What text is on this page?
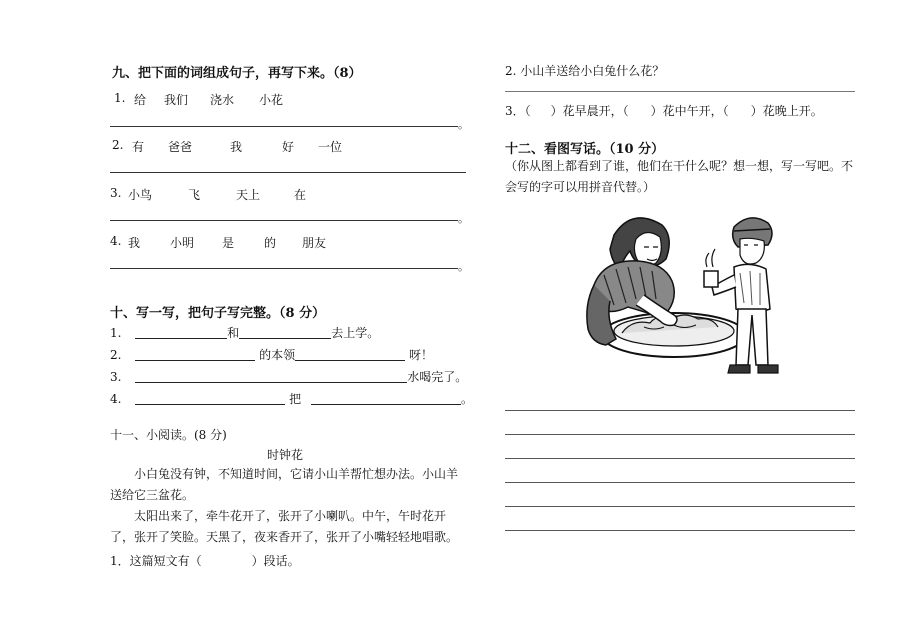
九、把下面的词组成句子，再写下来。（8）
1. 给 我们 浇水 小花
。
2. 有 爸爸	我	好 一位
3. 小鸟	飞	天上	在
。
4. 我 小明 是 的 朋友
。
十、写一写，把句子写完整。（8 分）
1.	和	去上学。
2.	的本领	呀！
3.	水喝完了。
4.	把	。
十一、小阅读。(8 分)
时钟花
小白兔没有钟，不知道时间，它请小山羊帮忙想办法。小山羊送给它三盆花。
太阳出来了，牵牛花开了，张开了小喇叭。中午，午时花开了，张开了笑脸。天黑了，夜来香开了，张开了小嘴轻轻地唱歌。
1．这篇短文有（	）段话。
2. 小山羊送给小白兔什么花？
3．（ ）花早晨开，（ ）花中午开，（ ）花晚上开。
十二、看图写话。（10 分）
（你从图上都看到了谁，他们在干什么呢？想一想，写一写吧。不会写的字可以用拼音代替。）
